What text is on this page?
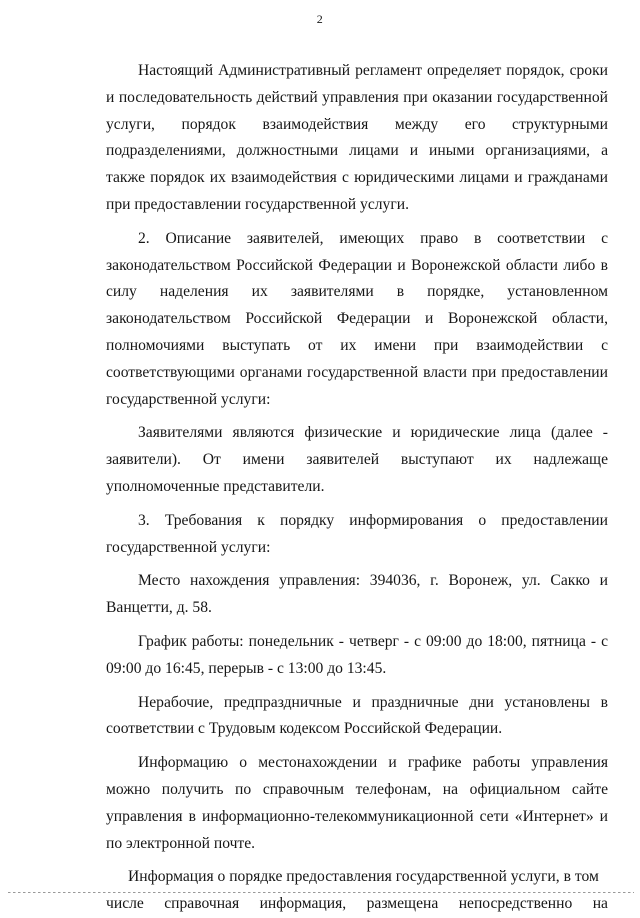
2

Настоящий Административный регламент определяет порядок, сроки и последовательность действий управления при оказании государственной услуги, порядок взаимодействия между его структурными подразделениями, должностными лицами и иными организациями, а также порядок их взаимодействия с юридическими лицами и гражданами при предоставлении государственной услуги.

2. Описание заявителей, имеющих право в соответствии с законодательством Российской Федерации и Воронежской области либо в силу наделения их заявителями в порядке, установленном законодательством Российской Федерации и Воронежской области, полномочиями выступать от их имени при взаимодействии с соответствующими органами государственной власти при предоставлении государственной услуги:

Заявителями являются физические и юридические лица (далее - заявители). От имени заявителей выступают их надлежаще уполномоченные представители.

3. Требования к порядку информирования о предоставлении государственной услуги:

Место нахождения управления: 394036, г. Воронеж, ул. Сакко и Ванцетти, д. 58.

График работы: понедельник - четверг - с 09:00 до 18:00, пятница - с 09:00 до 16:45, перерыв - с 13:00 до 13:45.

Нерабочие, предпраздничные и праздничные дни установлены в соответствии с Трудовым кодексом Российской Федерации.

Информацию о местонахождении и графике работы управления можно получить по справочным телефонам, на официальном сайте управления в информационно-телекоммуникационной сети «Интернет» и по электронной почте.

Информация о порядке предоставления государственной услуги, в том
числе справочная информация, размещена непосредственно на
